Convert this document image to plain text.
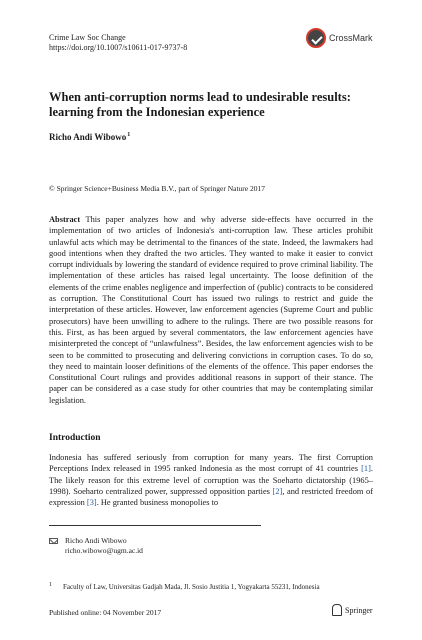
Crime Law Soc Change
https://doi.org/10.1007/s10611-017-9737-8
CrossMark
When anti-corruption norms lead to undesirable results: learning from the Indonesian experience
Richo Andi Wibowo$^1$
© Springer Science+Business Media B.V., part of Springer Nature 2017

Abstract This paper analyzes how and why adverse side-effects have occurred in the implementation of two articles of Indonesia's anti-corruption law. These articles prohibit unlawful acts which may be detrimental to the finances of the state. Indeed, the lawmakers had good intentions when they drafted the two articles. They wanted to make it easier to convict corrupt individuals by lowering the standard of evidence required to prove criminal liability. The implementation of these articles has raised legal uncertainty. The loose definition of the elements of the crime enables negligence and imperfection of (public) contracts to be considered as corruption. The Constitutional Court has issued two rulings to restrict and guide the interpretation of these articles. However, law enforcement agencies (Supreme Court and public prosecutors) have been unwilling to adhere to the rulings. There are two possible reasons for this. First, as has been argued by several commentators, the law enforcement agencies have misinterpreted the concept of “unlawfulness”. Besides, the law enforcement agencies wish to be seen to be committed to prosecuting and delivering convictions in corruption cases. To do so, they need to maintain looser definitions of the elements of the offence. This paper endorses the Constitutional Court rulings and provides additional reasons in support of their stance. The paper can be considered as a case study for other countries that may be contemplating similar legislation.

Introduction

Indonesia has suffered seriously from corruption for many years. The first Corruption Perceptions Index released in 1995 ranked Indonesia as the most corrupt of 41 countries [1]. The likely reason for this extreme level of corruption was the Soeharto dictatorship (1965–1998). Soeharto centralized power, suppressed opposition parties [2], and restricted freedom of expression [3]. He granted business monopolies to

Richo Andi Wibowo
richo.wibowo@ugm.ac.id
1 Faculty of Law, Universitas Gadjah Mada, Jl. Sosio Justitia 1, Yogyakarta 55231, Indonesia
Published online: 04 November 2017	Springer
